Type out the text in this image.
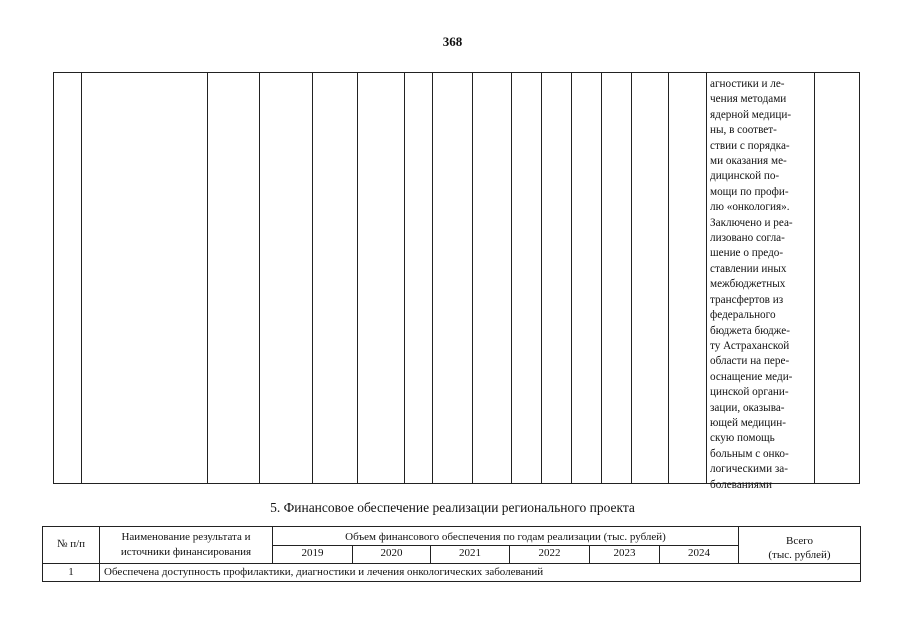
368
агностики и ле-
чения методами
ядерной медици-
ны, в соответ-
ствии с порядка-
ми оказания ме-
дицинской по-
мощи по профи-
лю «онкология».
Заключено и реа-
лизовано согла-
шение о предо-
ставлении иных
межбюджетных
трансфертов из
федерального
бюджета бюдже-
ту Астраханской
области на пере-
оснащение меди-
цинской органи-
зации, оказыва-
ющей медицин-
скую помощь
больным с онко-
логическими за-
болеваниями
5. Финансовое обеспечение реализации регионального проекта
№ п/п
Наименование результата и
источники финансирования
Объем финансового обеспечения по годам реализации (тыс. рублей)	Всего
(тыс. рублей)
2019	2020	2021	2022	2023	2024
1	Обеспечена доступность профилактики, диагностики и лечения онкологических заболеваний
